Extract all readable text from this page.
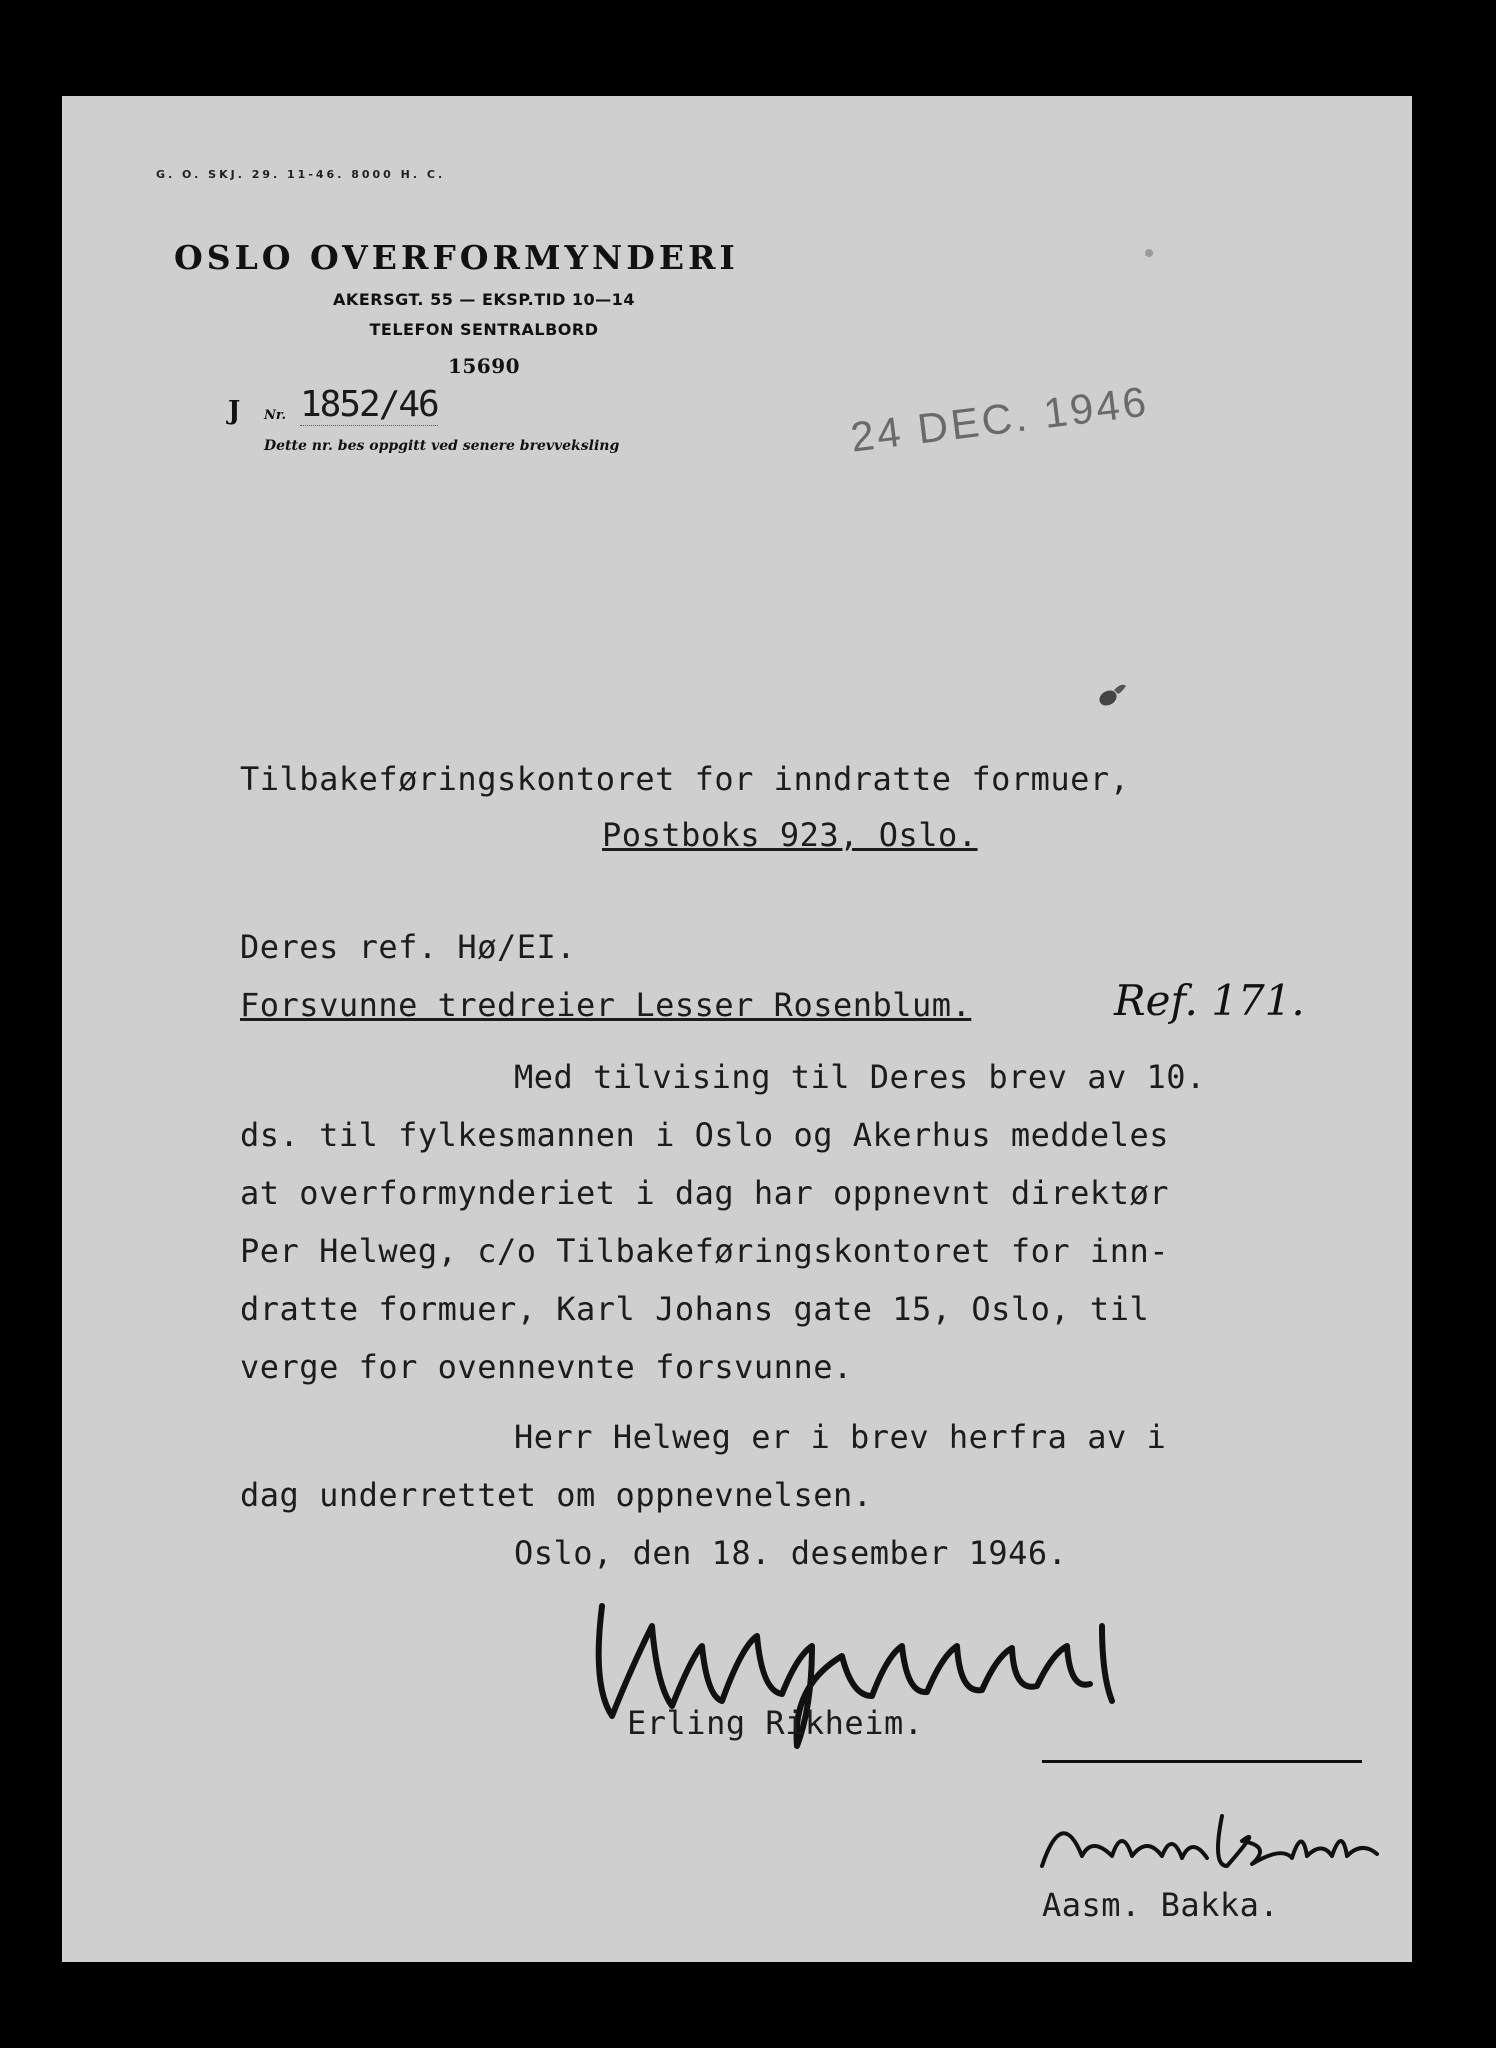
G. O. SKJ. 29. 11-46. 8000 H. C.
OSLO OVERFORMYNDERI
AKERSGT. 55 — EKSP.TID 10—14
TELEFON SENTRALBORD
15690
J Nr. 1852/46
Dette nr. bes oppgitt ved senere brevveksling	24 DEC. 1946
Tilbakeføringskontoret for inndratte formuer,
Postboks 923, Oslo.
Deres ref. Hø/EI.
Forsvunne tredreier Lesser Rosenblum.	Ref. 171.
Med tilvising til Deres brev av 10.
ds. til fylkesmannen i Oslo og Akerhus meddeles
at overformynderiet i dag har oppnevnt direktør
Per Helweg, c/o Tilbakeføringskontoret for inn-
dratte formuer, Karl Johans gate 15, Oslo, til
verge for ovennevnte forsvunne.
Herr Helweg er i brev herfra av i
dag underrettet om oppnevnelsen.
Oslo, den 18. desember 1946.
Erling Rikheim.
Aasm. Bakka.
